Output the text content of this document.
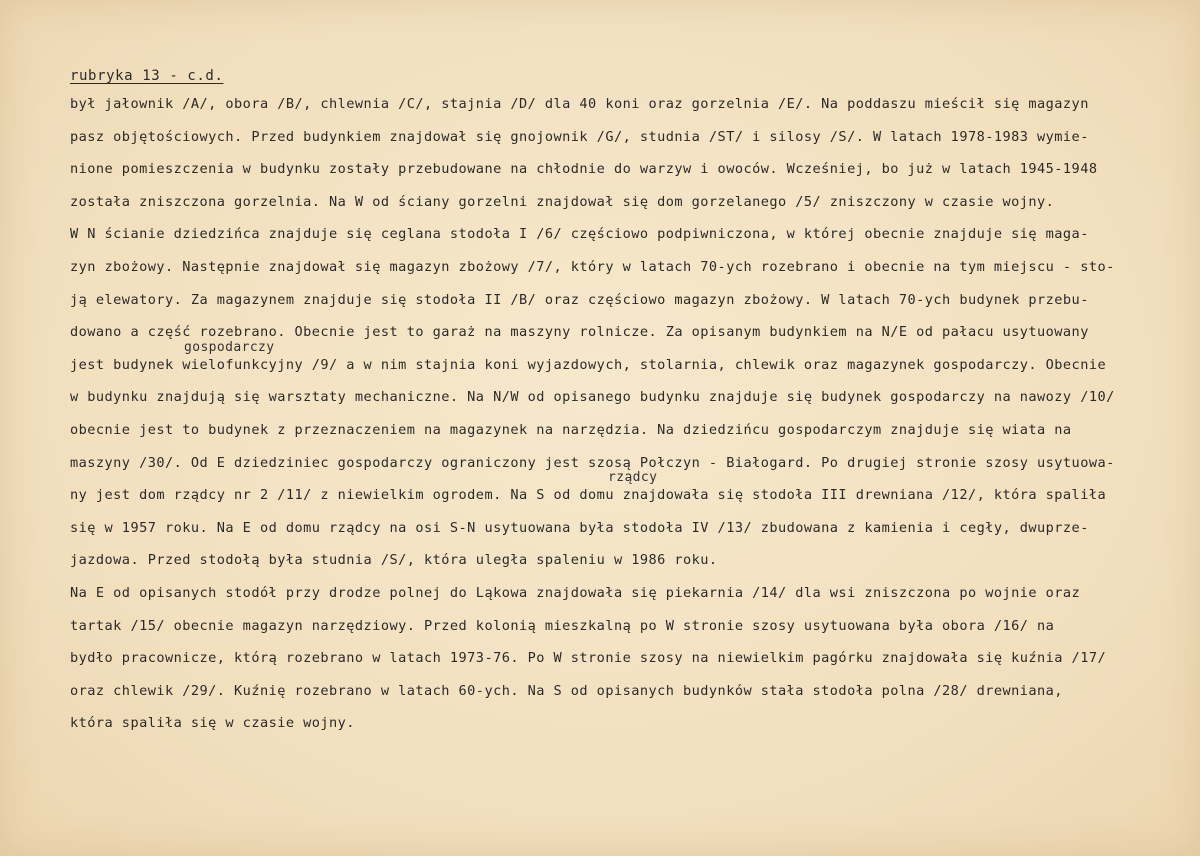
rubryka 13 - c.d.
był jałownik /A/, obora /B/, chlewnia /C/, stajnia /D/ dla 40 koni oraz gorzelnia /E/. Na poddaszu mieścił się magazyn
pasz objętościowych. Przed budynkiem znajdował się gnojownik /G/, studnia /ST/ i silosy /S/. W latach 1978-1983 wymie-
nione pomieszczenia w budynku zostały przebudowane na chłodnie do warzyw i owoców. Wcześniej, bo już w latach 1945-1948
została zniszczona gorzelnia. Na W od ściany gorzelni znajdował się dom gorzelanego /5/ zniszczony w czasie wojny.
W N ścianie dziedzińca znajduje się ceglana stodoła I /6/ częściowo podpiwniczona, w której obecnie znajduje się maga-
zyn zbożowy. Następnie znajdował się magazyn zbożowy /7/, który w latach 70-ych rozebrano i obecnie na tym miejscu - sto-
ją elewatory. Za magazynem znajduje się stodoła II /B/ oraz częściowo magazyn zbożowy. W latach 70-ych budynek przebu-
dowano a część rozebrano. Obecnie jest to garaż na maszyny rolnicze. Za opisanym budynkiem na N/E od pałacu usytuowany
gospodarczy
jest budynek wielofunkcyjny /9/ a w nim stajnia koni wyjazdowych, stolarnia, chlewik oraz magazynek gospodarczy. Obecnie
w budynku znajdują się warsztaty mechaniczne. Na N/W od opisanego budynku znajduje się budynek gospodarczy na nawozy /10/
obecnie jest to budynek z przeznaczeniem na magazynek na narzędzia. Na dziedzińcu gospodarczym znajduje się wiata na
maszyny /30/. Od E dziedziniec gospodarczy ograniczony jest szosą Połczyn - Białogard. Po drugiej stronie szosy usytuowa-
rządcy
ny jest dom rządcy nr 2 /11/ z niewielkim ogrodem. Na S od domu znajdowała się stodoła III drewniana /12/, która spaliła
się w 1957 roku. Na E od domu rządcy na osi S-N usytuowana była stodoła IV /13/ zbudowana z kamienia i cegły, dwuprze-
jazdowa. Przed stodołą była studnia /S/, która uległa spaleniu w 1986 roku.
Na E od opisanych stodół przy drodze polnej do Ląkowa znajdowała się piekarnia /14/ dla wsi zniszczona po wojnie oraz
tartak /15/ obecnie magazyn narzędziowy. Przed kolonią mieszkalną po W stronie szosy usytuowana była obora /16/ na
bydło pracownicze, którą rozebrano w latach 1973-76. Po W stronie szosy na niewielkim pagórku znajdowała się kuźnia /17/
oraz chlewik /29/. Kuźnię rozebrano w latach 60-ych. Na S od opisanych budynków stała stodoła polna /28/ drewniana,
która spaliła się w czasie wojny.
